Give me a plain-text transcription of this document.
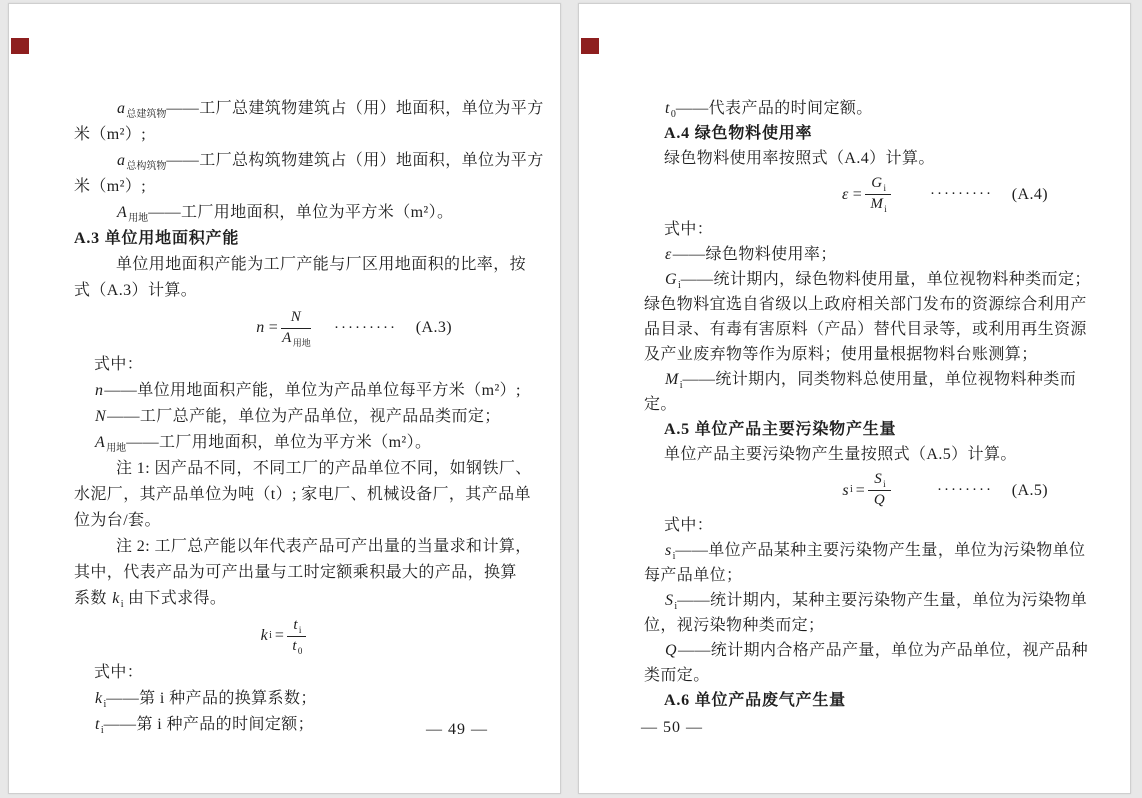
$a_{总建筑物}——$工厂总建筑物建筑占（用）地面积，单位为平方
米（m²）;
$a_{总构筑物}——$工厂总构筑物建筑占（用）地面积，单位为平方
米（m²）;
$A_{用地}——$工厂用地面积，单位为平方米（m²）。
A.3 单位用地面积产能
单位用地面积产能为工厂产能与厂区用地面积的比率，按
式（A.3）计算。
$n = \frac{N}{A_{用地}}$ ········· (A.3)
式中：
n——单位用地面积产能，单位为产品单位每平方米（m²）;
N——工厂总产能，单位为产品单位，视产品品类而定；
$A_{用地}——$工厂用地面积，单位为平方米（m²）。
注 1: 因产品不同，不同工厂的产品单位不同，如钢铁厂、
水泥厂，其产品单位为吨（t）; 家电厂、机械设备厂，其产品单
位为台/套。
注 2: 工厂总产能以年代表产品可产出量的当量求和计算，
其中，代表产品为可产出量与工时定额乘积最大的产品，换算
系数 $k_i$ 由下式求得。
k $i = \frac{t_i}{t_0}$
式中：
$k_i——$第 i 种产品的换算系数；
$t_i——$第 i 种产品的时间定额；	— 49 —
$t_0——$代表产品的时间定额。
A.4 绿色物料使用率
绿色物料使用率按照式（A.4）计算。
$\varepsilon = \frac{G_i}{M_i}$	········· (A.4)
式中：
ε——绿色物料使用率；
$G_i——$统计期内，绿色物料使用量，单位视物料种类而定；
绿色物料宜选自省级以上政府相关部门发布的资源综合利用产
品目录、有毒有害原料（产品）替代目录等，或利用再生资源
及产业废弃物等作为原料；使用量根据物料台账测算；
$M_i——$统计期内，同类物料总使用量，单位视物料种类而
定。
A.5 单位产品主要污染物产生量
单位产品主要污染物产生量按照式（A.5）计算。
s $i = \frac{S_i}{Q}$	········ (A.5)
式中：
$s_i——$单位产品某种主要污染物产生量，单位为污染物单位
每产品单位；
$S_i——$统计期内，某种主要污染物产生量，单位为污染物单
位，视污染物种类而定；
Q——统计期内合格产品产量，单位为产品单位，视产品种
类而定。
A.6 单位产品废气产生量
— 50 —
